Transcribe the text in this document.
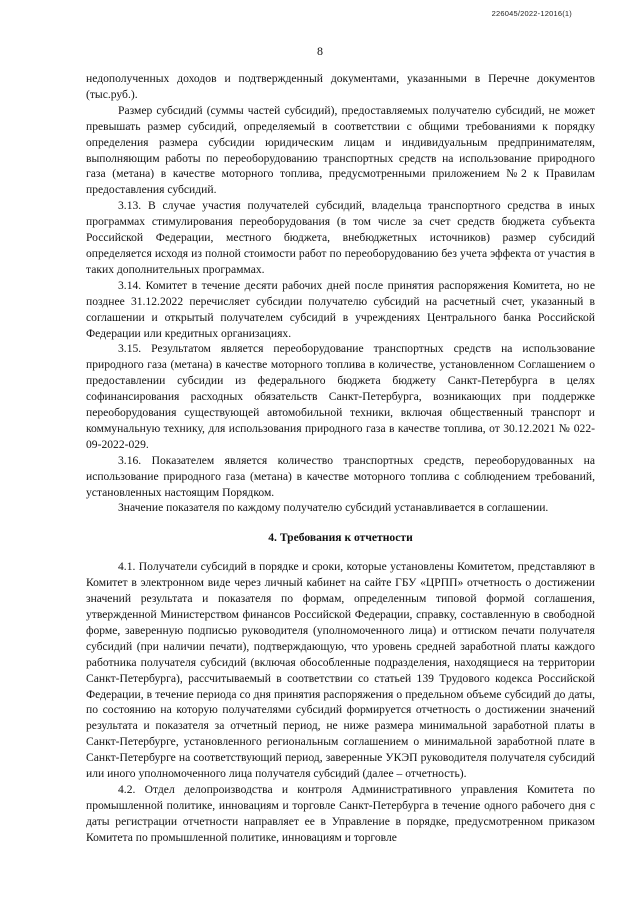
226045/2022-12016(1)
8

недополученных доходов и подтвержденный документами, указанными в Перечне документов (тыс.руб.).

Размер субсидий (суммы частей субсидий), предоставляемых получателю субсидий, не может превышать размер субсидий, определяемый в соответствии с общими требованиями к порядку определения размера субсидии юридическим лицам и индивидуальным предпринимателям, выполняющим работы по переоборудованию транспортных средств на использование природного газа (метана) в качестве моторного топлива, предусмотренными приложением №2 к Правилам предоставления субсидий.

3.13. В случае участия получателей субсидий, владельца транспортного средства в иных программах стимулирования переоборудования (в том числе за счет средств бюджета субъекта Российской Федерации, местного бюджета, внебюджетных источников) размер субсидий определяется исходя из полной стоимости работ по переоборудованию без учета эффекта от участия в таких дополнительных программах.

3.14. Комитет в течение десяти рабочих дней после принятия распоряжения Комитета, но не позднее 31.12.2022 перечисляет субсидии получателю субсидий на расчетный счет, указанный в соглашении и открытый получателем субсидий в учреждениях Центрального банка Российской Федерации или кредитных организациях.

3.15. Результатом является переоборудование транспортных средств на использование природного газа (метана) в качестве моторного топлива в количестве, установленном Соглашением о предоставлении субсидии из федерального бюджета бюджету Санкт-Петербурга в целях софинансирования расходных обязательств Санкт-Петербурга, возникающих при поддержке переоборудования существующей автомобильной техники, включая общественный транспорт и коммунальную технику, для использования природного газа в качестве топлива, от 30.12.2021 № 022-09-2022-029.

3.16. Показателем является количество транспортных средств, переоборудованных на использование природного газа (метана) в качестве моторного топлива с соблюдением требований, установленных настоящим Порядком.

Значение показателя по каждому получателю субсидий устанавливается в соглашении.

4. Требования к отчетности

4.1. Получатели субсидий в порядке и сроки, которые установлены Комитетом, представляют в Комитет в электронном виде через личный кабинет на сайте ГБУ «ЦРПП» отчетность о достижении значений результата и показателя по формам, определенным типовой формой соглашения, утвержденной Министерством финансов Российской Федерации, справку, составленную в свободной форме, заверенную подписью руководителя (уполномоченного лица) и оттиском печати получателя субсидий (при наличии печати), подтверждающую, что уровень средней заработной платы каждого работника получателя субсидий (включая обособленные подразделения, находящиеся на территории Санкт-Петербурга), рассчитываемый в соответствии со статьей 139 Трудового кодекса Российской Федерации, в течение периода со дня принятия распоряжения о предельном объеме субсидий до даты, по состоянию на которую получателями субсидий формируется отчетность о достижении значений результата и показателя за отчетный период, не ниже размера минимальной заработной платы в Санкт-Петербурге, установленного региональным соглашением о минимальной заработной плате в Санкт-Петербурге на соответствующий период, заверенные УКЭП руководителя получателя субсидий или иного уполномоченного лица получателя субсидий (далее – отчетность).

4.2. Отдел делопроизводства и контроля Административного управления Комитета по промышленной политике, инновациям и торговле Санкт-Петербурга в течение одного рабочего дня с даты регистрации отчетности направляет ее в Управление в порядке, предусмотренном приказом Комитета по промышленной политике, инновациям и торговле
